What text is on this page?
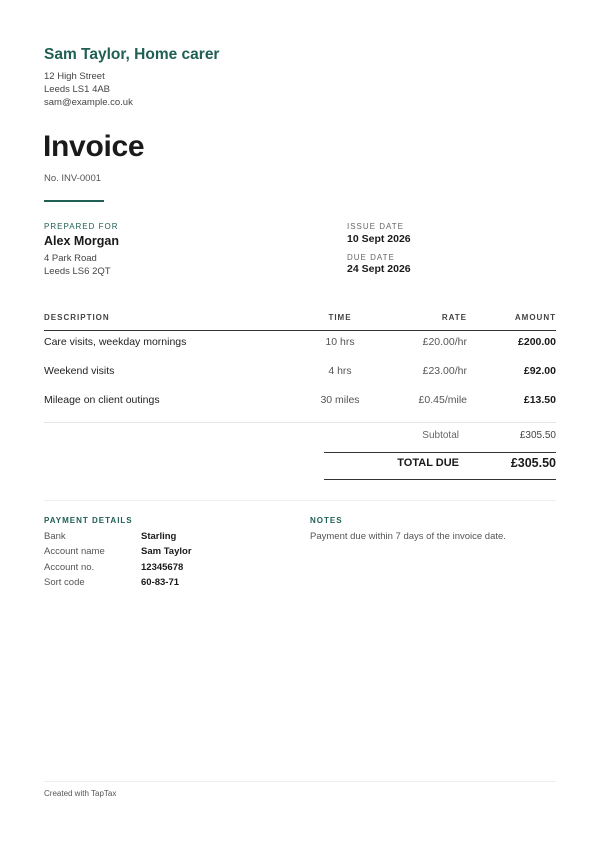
Sam Taylor, Home carer
12 High Street
Leeds LS1 4AB
sam@example.co.uk
Invoice
No. INV-0001
PREPARED FOR
Alex Morgan
4 Park Road
Leeds LS6 2QT
ISSUE DATE
10 Sept 2026
DUE DATE
24 Sept 2026
DESCRIPTION	TIME	RATE	AMOUNT
Care visits, weekday mornings	10 hrs	£20.00/hr	£200.00
Weekend visits	4 hrs	£23.00/hr	£92.00
Mileage on client outings	30 miles	£0.45/mile	£13.50
Subtotal	£305.50
TOTAL DUE	£305.50
PAYMENT DETAILS
Bank	Starling
Account name	Sam Taylor
Account no.	12345678
Sort code	60-83-71
NOTES
Payment due within 7 days of the invoice date.
Created with TapTax
